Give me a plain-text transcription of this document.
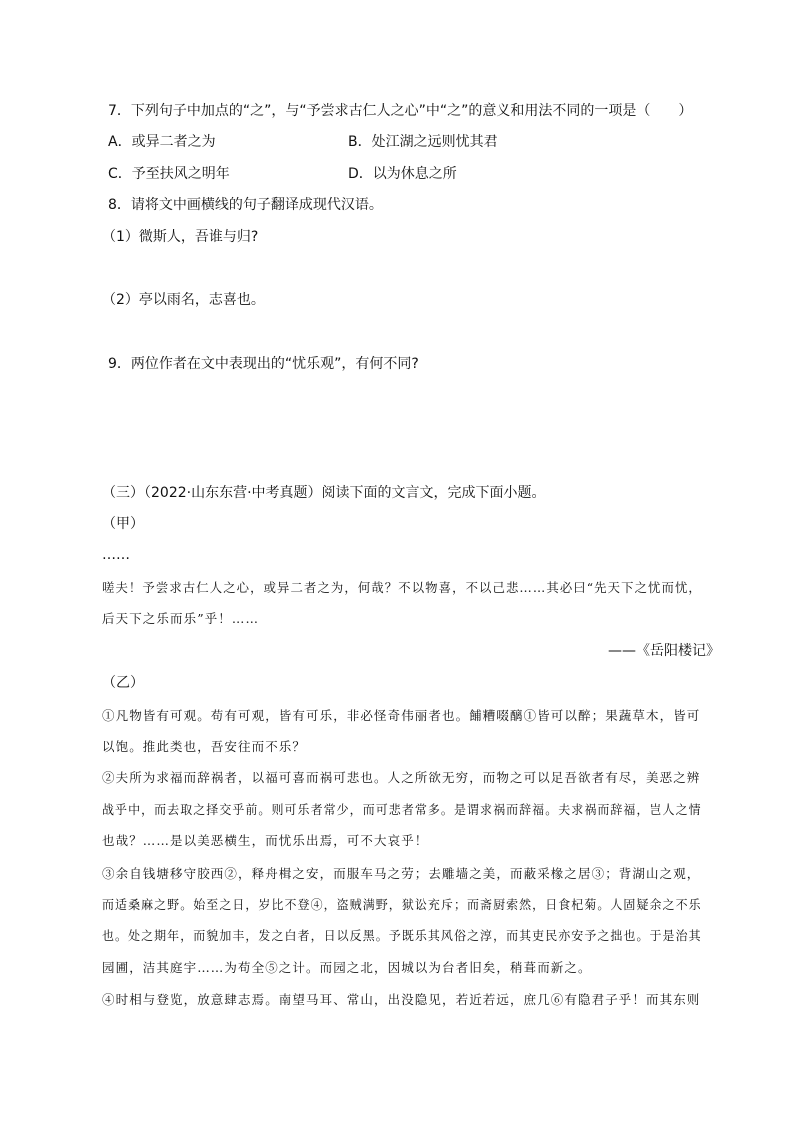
7．下列句子中加点的“之”，与“予尝求古仁人之心”中“之”的意义和用法不同的一项是（　　）
A．或异二者之为	B．处江湖之远则忧其君
C．予至扶风之明年	D．以为休息之所
8．请将文中画横线的句子翻译成现代汉语。
（1）微斯人，吾谁与归?
（2）亭以雨名，志喜也。
9．两位作者在文中表现出的“忧乐观”，有何不同?
（三）（2022·山东东营·中考真题）阅读下面的文言文，完成下面小题。
（甲）
……
嗟夫！予尝求古仁人之心，或异二者之为，何哉？不以物喜，不以己悲……其必曰“先天下之忧而忧，
后天下之乐而乐”乎！……
——《岳阳楼记》
（乙）
①凡物皆有可观。苟有可观，皆有可乐，非必怪奇伟丽者也。餔糟啜醨①皆可以醉；果蔬草木，皆可
以饱。推此类也，吾安往而不乐？
②夫所为求福而辞祸者，以福可喜而祸可悲也。人之所欲无穷，而物之可以足吾欲者有尽，美恶之辨
战乎中，而去取之择交乎前。则可乐者常少，而可悲者常多。是谓求祸而辞福。夫求祸而辞福，岂人之情
也哉？……是以美恶横生，而忧乐出焉，可不大哀乎！
③余自钱塘移守胶西②，释舟楫之安，而服车马之劳；去雕墙之美，而蔽采椽之居③；背湖山之观，
而适桑麻之野。始至之日，岁比不登④，盗贼满野，狱讼充斥；而斋厨索然，日食杞菊。人固疑余之不乐
也。处之期年，而貌加丰，发之白者，日以反黑。予既乐其风俗之淳，而其吏民亦安予之拙也。于是治其
园圃，洁其庭宇……为苟全⑤之计。而园之北，因城以为台者旧矣，稍葺而新之。
④时相与登览，放意肆志焉。南望马耳、常山，出没隐见，若近若远，庶几⑥有隐君子乎！而其东则
